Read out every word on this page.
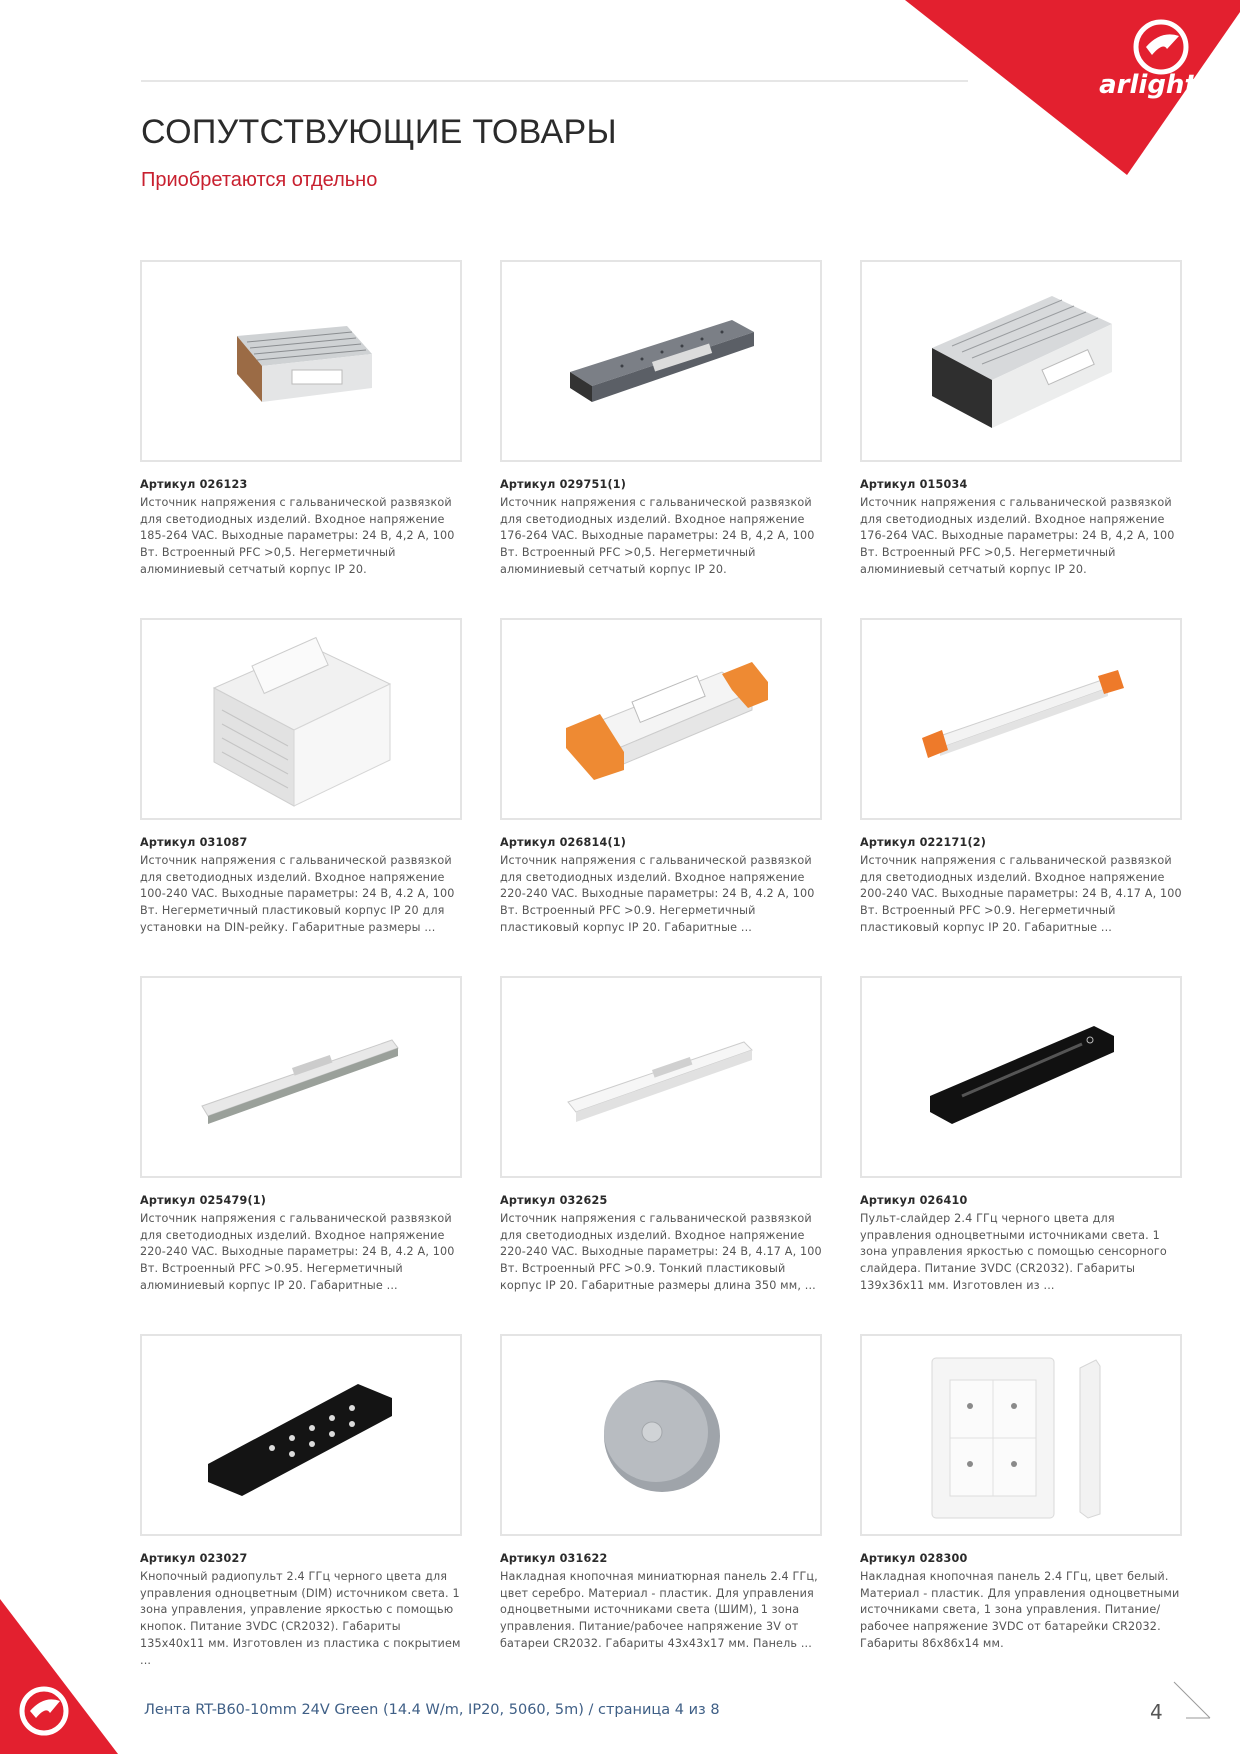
arlight
СОПУТСТВУЮЩИЕ ТОВАРЫ

Приобретаются отдельно

Артикул 026123
Источник напряжения с гальванической развязкой для светодиодных изделий. Входное напряжение 185-264 VAC. Выходные параметры: 24 В, 4,2 А, 100 Вт. Встроенный PFC >0,5. Негерметичный алюминиевый сетчатый корпус IP 20.
Артикул 029751(1)
Источник напряжения с гальванической развязкой для светодиодных изделий. Входное напряжение 176-264 VAC. Выходные параметры: 24 В, 4,2 А, 100 Вт. Встроенный PFC >0,5. Негерметичный алюминиевый сетчатый корпус IP 20.
Артикул 015034
Источник напряжения с гальванической развязкой для светодиодных изделий. Входное напряжение 176-264 VAC. Выходные параметры: 24 В, 4,2 А, 100 Вт. Встроенный PFC >0,5. Негерметичный алюминиевый сетчатый корпус IP 20.
Артикул 031087
Источник напряжения с гальванической развязкой для светодиодных изделий. Входное напряжение 100-240 VAC. Выходные параметры: 24 В, 4.2 А, 100 Вт. Негерметичный пластиковый корпус IP 20 для установки на DIN-рейку. Габаритные размеры ...
Артикул 026814(1)
Источник напряжения с гальванической развязкой для светодиодных изделий. Входное напряжение 220-240 VAC. Выходные параметры: 24 В, 4.2 А, 100 Вт. Встроенный PFC >0.9. Негерметичный пластиковый корпус IP 20. Габаритные ...
Артикул 022171(2)
Источник напряжения с гальванической развязкой для светодиодных изделий. Входное напряжение 200-240 VAC. Выходные параметры: 24 В, 4.17 А, 100 Вт. Встроенный PFC >0.9. Негерметичный пластиковый корпус IP 20. Габаритные ...
Артикул 025479(1)
Источник напряжения с гальванической развязкой для светодиодных изделий. Входное напряжение 220-240 VAC. Выходные параметры: 24 В, 4.2 А, 100 Вт. Встроенный PFC >0.95. Негерметичный алюминиевый корпус IP 20. Габаритные ...
Артикул 032625
Источник напряжения с гальванической развязкой для светодиодных изделий. Входное напряжение 220-240 VAC. Выходные параметры: 24 В, 4.17 А, 100 Вт. Встроенный PFC >0.9. Тонкий пластиковый корпус IP 20. Габаритные размеры длина 350 мм, ...
Артикул 026410
Пульт-слайдер 2.4 ГГц черного цвета для управления одноцветными источниками света. 1 зона управления яркостью с помощью сенсорного слайдера. Питание 3VDC (CR2032). Габариты 139x36x11 мм. Изготовлен из ...
Артикул 023027
Кнопочный радиопульт 2.4 ГГц черного цвета для управления одноцветным (DIM) источником света. 1 зона управления, управление яркостью с помощью кнопок. Питание 3VDC (CR2032). Габариты 135x40x11 мм. Изготовлен из пластика с покрытием ...
Артикул 031622
Накладная кнопочная миниатюрная панель 2.4 ГГц, цвет серебро. Материал - пластик. Для управления одноцветными источниками света (ШИМ), 1 зона управления. Питание/рабочее напряжение 3V от батареи CR2032. Габариты 43x43x17 мм. Панель ...
Артикул 028300
Накладная кнопочная панель 2.4 ГГц, цвет белый. Материал - пластик. Для управления одноцветными источниками света, 1 зона управления. Питание/рабочее напряжение 3VDC от батарейки CR2032. Габариты 86x86x14 мм.
Лента RT-B60-10mm 24V Green (14.4 W/m, IP20, 5060, 5m) / страница 4 из 8	4
